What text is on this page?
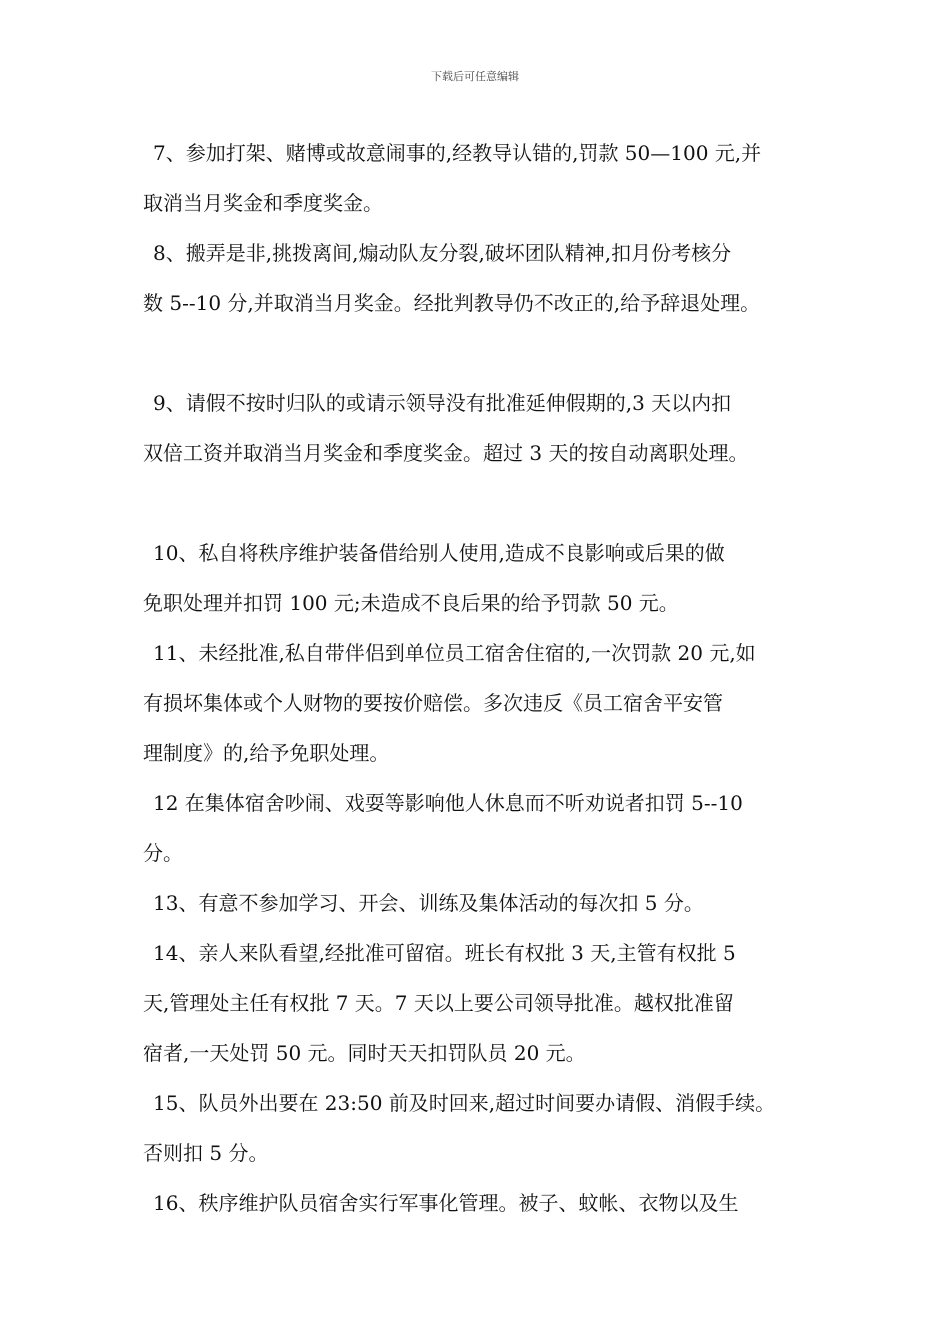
下载后可任意编辑
7、参加打架、赌博或故意闹事的,经教导认错的,罚款 50—100 元,并
取消当月奖金和季度奖金。
8、搬弄是非,挑拨离间,煽动队友分裂,破坏团队精神,扣月份考核分
数 5--10 分,并取消当月奖金。经批判教导仍不改正的,给予辞退处理。
9、请假不按时归队的或请示领导没有批准延伸假期的,3 天以内扣
双倍工资并取消当月奖金和季度奖金。超过 3 天的按自动离职处理。
10、私自将秩序维护装备借给别人使用,造成不良影响或后果的做
免职处理并扣罚 100 元;未造成不良后果的给予罚款 50 元。
11、未经批准,私自带伴侣到单位员工宿舍住宿的,一次罚款 20 元,如
有损坏集体或个人财物的要按价赔偿。多次违反《员工宿舍平安管
理制度》的,给予免职处理。
12 在集体宿舍吵闹、戏耍等影响他人休息而不听劝说者扣罚 5--10
分。
13、有意不参加学习、开会、训练及集体活动的每次扣 5 分。
14、亲人来队看望,经批准可留宿。班长有权批 3 天,主管有权批 5
天,管理处主任有权批 7 天。7 天以上要公司领导批准。越权批准留
宿者,一天处罚 50 元。同时天天扣罚队员 20 元。
15、队员外出要在 23:50 前及时回来,超过时间要办请假、消假手续。
否则扣 5 分。
16、秩序维护队员宿舍实行军事化管理。被子、蚊帐、衣物以及生
